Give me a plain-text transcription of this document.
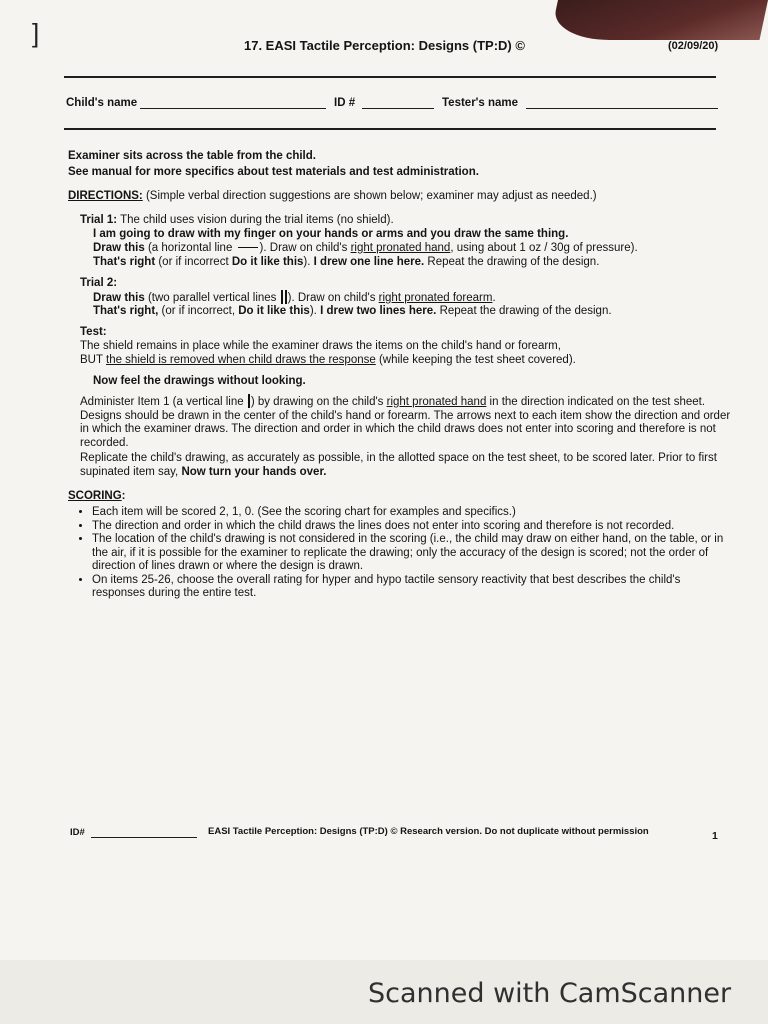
]	17. EASI Tactile Perception: Designs (TP:D) ©	(02/09/20)
Child's name	ID #	Tester's name
Examiner sits across the table from the child.
See manual for more specifics about test materials and test administration.
DIRECTIONS: (Simple verbal direction suggestions are shown below; examiner may adjust as needed.)
Trial 1: The child uses vision during the trial items (no shield).
I am going to draw with my finger on your hands or arms and you draw the same thing.
Draw this (a horizontal line ). Draw on child's right pronated hand, using about 1 oz / 30g of pressure).
That's right (or if incorrect Do it like this). I drew one line here. Repeat the drawing of the design.
Trial 2:
Draw this (two parallel vertical lines ). Draw on child's right pronated forearm.
That's right, (or if incorrect, Do it like this). I drew two lines here. Repeat the drawing of the design.
Test:
The shield remains in place while the examiner draws the items on the child's hand or forearm,
BUT the shield is removed when child draws the response (while keeping the test sheet covered).
Now feel the drawings without looking.
Administer Item 1 (a vertical line ) by drawing on the child's right pronated hand in the direction indicated on the test sheet. Designs should be drawn in the center of the child's hand or forearm. The arrows next to each item show the direction and order in which the examiner draws. The direction and order in which the child draws does not enter into scoring and therefore is not recorded.
Replicate the child's drawing, as accurately as possible, in the allotted space on the test sheet, to be scored later. Prior to first supinated item say, Now turn your hands over.
SCORING:
• Each item will be scored 2, 1, 0. (See the scoring chart for examples and specifics.)
• The direction and order in which the child draws the lines does not enter into scoring and therefore is not recorded.
• The location of the child's drawing is not considered in the scoring (i.e., the child may draw on either hand, on the table, or in the air, if it is possible for the examiner to replicate the drawing; only the accuracy of the design is scored; not the order of direction of lines drawn or where the design is drawn.
• On items 25-26, choose the overall rating for hyper and hypo tactile sensory reactivity that best describes the child's responses during the entire test.
ID#	EASI Tactile Perception: Designs (TP:D) © Research version. Do not duplicate without permission	1
Scanned with CamScanner
